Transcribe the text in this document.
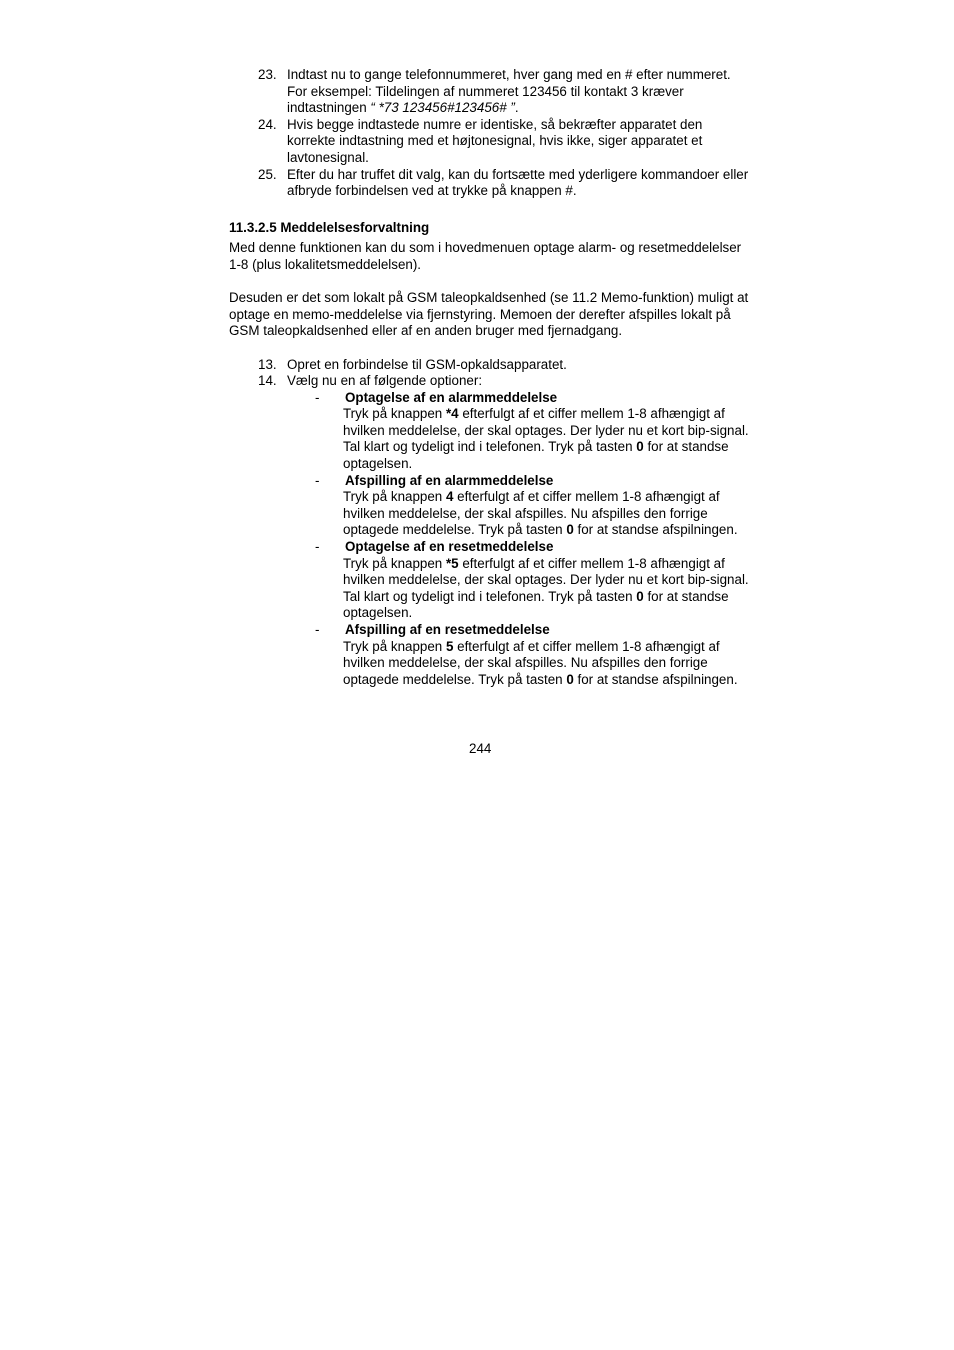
23. Indtast nu to gange telefonnummeret, hver gang med en # efter nummeret. For eksempel: Tildelingen af nummeret 123456 til kontakt 3 kræver indtastningen “ *73 123456#123456# ”.
24. Hvis begge indtastede numre er identiske, så bekræfter apparatet den korrekte indtastning med et højtonesignal, hvis ikke, siger apparatet et lavtonesignal.
25. Efter du har truffet dit valg, kan du fortsætte med yderligere kommandoer eller afbryde forbindelsen ved at trykke på knappen #.
11.3.2.5 Meddelelsesforvaltning

Med denne funktionen kan du som i hovedmenuen optage alarm- og resetmeddelelser 1-8 (plus lokalitetsmeddelelsen).

Desuden er det som lokalt på GSM taleopkaldsenhed (se 11.2 Memo-funktion) muligt at optage en memo-meddelelse via fjernstyring. Memoen der derefter afspilles lokalt på GSM taleopkaldsenhed eller af en anden bruger med fjernadgang.

13. Opret en forbindelse til GSM-opkaldsapparatet.
14. Vælg nu en af følgende optioner:
- Optagelse af en alarmmeddelelse
Tryk på knappen *4 efterfulgt af et ciffer mellem 1-8 afhængigt af hvilken meddelelse, der skal optages. Der lyder nu et kort bip-signal. Tal klart og tydeligt ind i telefonen. Tryk på tasten 0 for at standse optagelsen.
- Afspilling af en alarmmeddelelse
Tryk på knappen 4 efterfulgt af et ciffer mellem 1-8 afhængigt af hvilken meddelelse, der skal afspilles. Nu afspilles den forrige optagede meddelelse. Tryk på tasten 0 for at standse afspilningen.
- Optagelse af en resetmeddelelse
Tryk på knappen *5 efterfulgt af et ciffer mellem 1-8 afhængigt af hvilken meddelelse, der skal optages. Der lyder nu et kort bip-signal. Tal klart og tydeligt ind i telefonen. Tryk på tasten 0 for at standse optagelsen.
- Afspilling af en resetmeddelelse
Tryk på knappen 5 efterfulgt af et ciffer mellem 1-8 afhængigt af hvilken meddelelse, der skal afspilles. Nu afspilles den forrige optagede meddelelse. Tryk på tasten 0 for at standse afspilningen.
244
